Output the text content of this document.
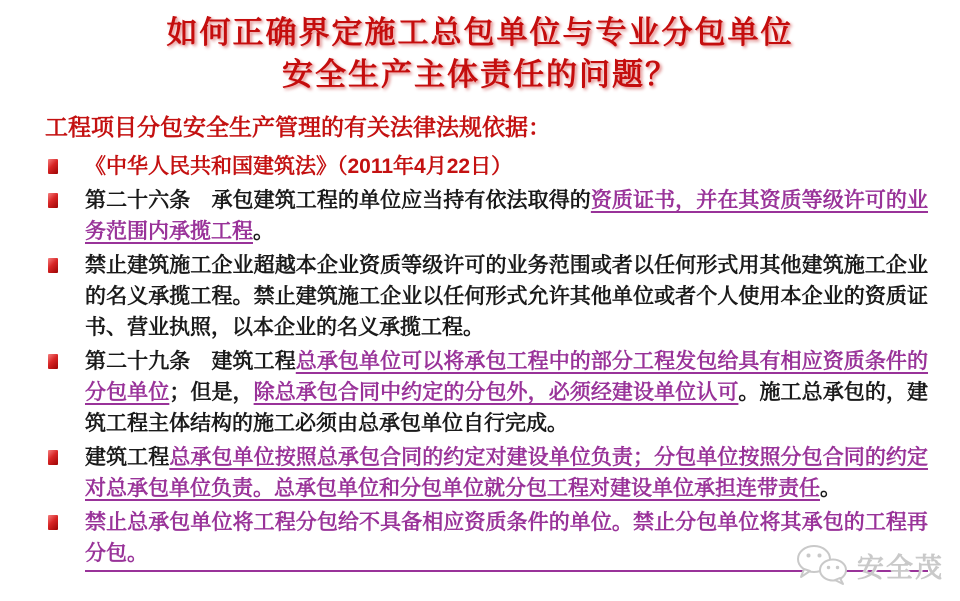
如何正确界定施工总包单位与专业分包单位
安全生产主体责任的问题？
工程项目分包安全生产管理的有关法律法规依据：
《中华人民共和国建筑法》（2011年4月22日）
第二十六条　承包建筑工程的单位应当持有依法取得的资质证书，并在其资质等级许可的业务范围内承揽工程。
禁止建筑施工企业超越本企业资质等级许可的业务范围或者以任何形式用其他建筑施工企业的名义承揽工程。禁止建筑施工企业以任何形式允许其他单位或者个人使用本企业的资质证书、营业执照，以本企业的名义承揽工程。
第二十九条　建筑工程总承包单位可以将承包工程中的部分工程发包给具有相应资质条件的分包单位；但是，除总承包合同中约定的分包外，必须经建设单位认可。施工总承包的，建筑工程主体结构的施工必须由总承包单位自行完成。
建筑工程总承包单位按照总承包合同的约定对建设单位负责；分包单位按照分包合同的约定对总承包单位负责。总承包单位和分包单位就分包工程对建设单位承担连带责任。
禁止总承包单位将工程分包给不具备相应资质条件的单位。禁止分包单位将其承包的工程再分包。	安全茂
